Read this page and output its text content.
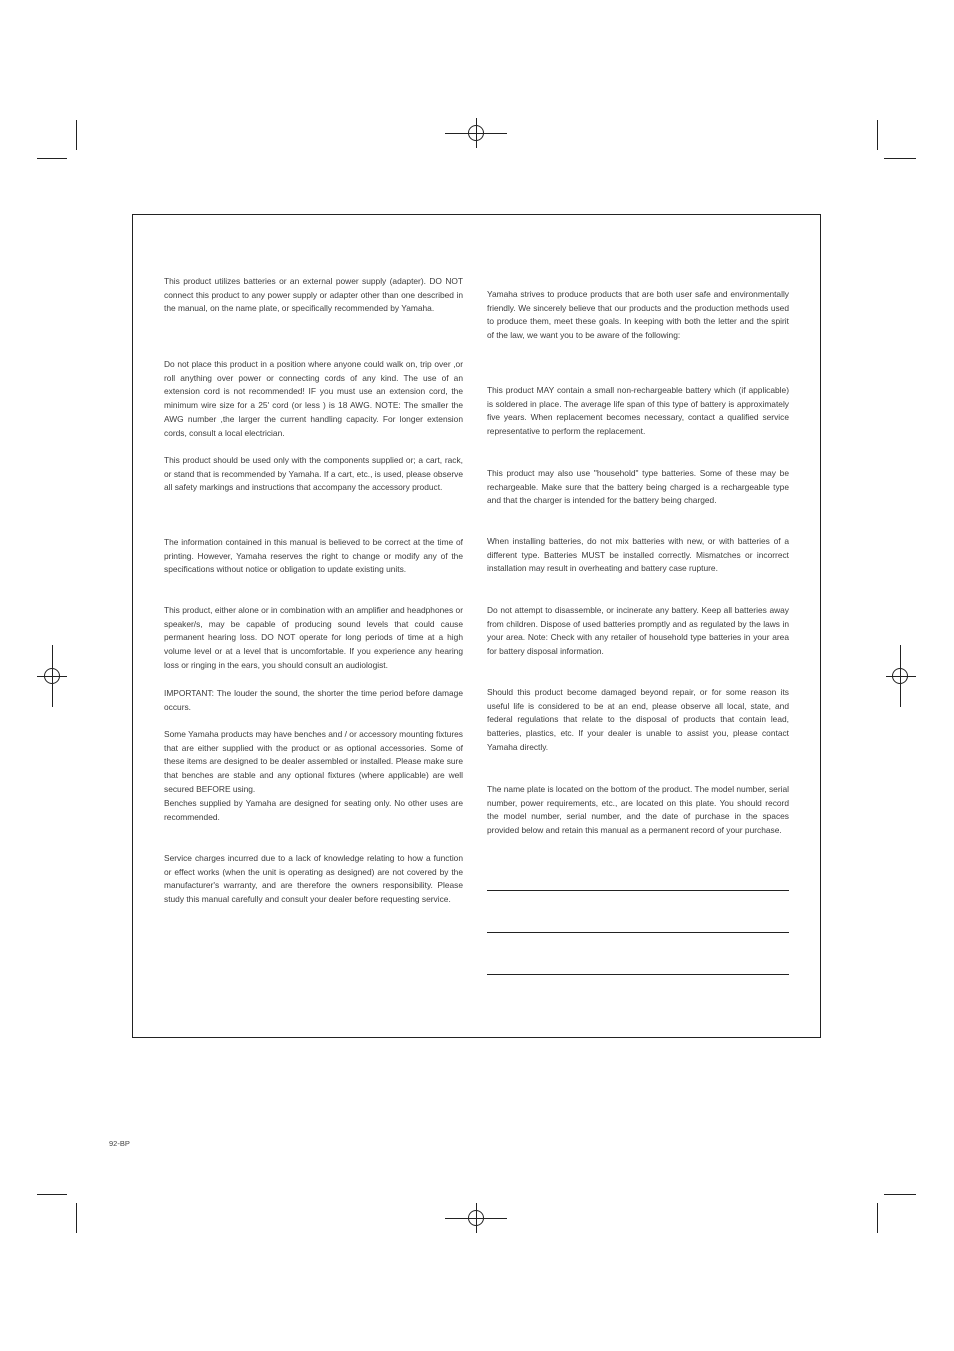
This product utilizes batteries or an external power supply (adapter). DO NOT connect this product to any power supply or adapter other than one described in the manual, on the name plate, or specifically recommended by Yamaha.

Do not place this product in a position where anyone could walk on, trip over ,or roll anything over power or connecting cords of any kind. The use of an extension cord is not recommended! IF you must use an extension cord, the minimum wire size for a 25' cord (or less ) is 18 AWG. NOTE: The smaller the AWG number ,the larger the current handling capacity. For longer extension cords, consult a local electrician.

This product should be used only with the components supplied or; a cart, rack, or stand that is recommended by Yamaha. If a cart, etc., is used, please observe all safety markings and instructions that accompany the accessory product.

The information contained in this manual is believed to be correct at the time of printing. However, Yamaha reserves the right to change or modify any of the specifications without notice or obligation to update existing units.

This product, either alone or in combination with an amplifier and headphones or speaker/s, may be capable of producing sound levels that could cause permanent hearing loss. DO NOT operate for long periods of time at a high volume level or at a level that is uncomfortable. If you experience any hearing loss or ringing in the ears, you should consult an audiologist.

IMPORTANT: The louder the sound, the shorter the time period before damage occurs.

Some Yamaha products may have benches and / or accessory mounting fixtures that are either supplied with the product or as optional accessories. Some of these items are designed to be dealer assembled or installed. Please make sure that benches are stable and any optional fixtures (where applicable) are well secured BEFORE using.

Benches supplied by Yamaha are designed for seating only. No other uses are recommended.

Service charges incurred due to a lack of knowledge relating to how a function or effect works (when the unit is operating as designed) are not covered by the manufacturer's warranty, and are therefore the owners responsibility. Please study this manual carefully and consult your dealer before requesting service.

Yamaha strives to produce products that are both user safe and environmentally friendly. We sincerely believe that our products and the production methods used to produce them, meet these goals. In keeping with both the letter and the spirit of the law, we want you to be aware of the following:

This product MAY contain a small non-rechargeable battery which (if applicable) is soldered in place. The average life span of this type of battery is approximately five years. When replacement becomes necessary, contact a qualified service representative to perform the replacement.

This product may also use "household" type batteries. Some of these may be rechargeable. Make sure that the battery being charged is a rechargeable type and that the charger is intended for the battery being charged.

When installing batteries, do not mix batteries with new, or with batteries of a different type. Batteries MUST be installed correctly. Mismatches or incorrect installation may result in overheating and battery case rupture.

Do not attempt to disassemble, or incinerate any battery. Keep all batteries away from children. Dispose of used batteries promptly and as regulated by the laws in your area. Note: Check with any retailer of household type batteries in your area for battery disposal information.

Should this product become damaged beyond repair, or for some reason its useful life is considered to be at an end, please observe all local, state, and federal regulations that relate to the disposal of products that contain lead, batteries, plastics, etc. If your dealer is unable to assist you, please contact Yamaha directly.

The name plate is located on the bottom of the product. The model number, serial number, power requirements, etc., are located on this plate. You should record the model number, serial number, and the date of purchase in the spaces provided below and retain this manual as a permanent record of your purchase.

92-BP
